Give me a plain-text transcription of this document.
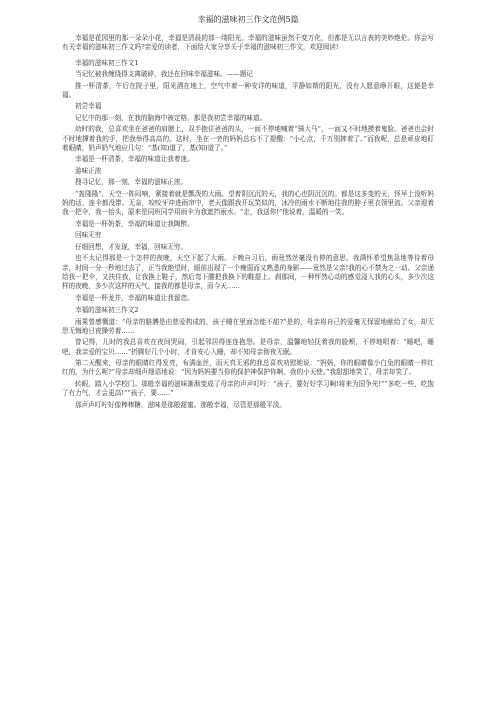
幸福的滋味初三作文范例5篇
幸福是花园里的那一朵朵小花，幸福是清晨的那一缕阳光。幸福的滋味虽然千变万化，但都是无以言表的美妙绝伦。你会写有关幸福的滋味初三作文吗?亲爱的读者，下面给大家分享关于幸福的滋味初三作文，欢迎阅读!
幸福的滋味初三作文1
当记忆被我缠绕得支离破碎，我还在回味幸福滋味。——题记
推一杯清茶，午后在院子里，阳光洒在地上，空气中着一种安详的味道，平静如斯的阳光，没有人愿意睁开眼，这便是幸福。
初尝幸福
记忆中的那一刻，在我的脑海中被定格，那是我初尝幸福的味道。
幼时的我，总喜欢坐在爸爸的肩膀上，双手抱住爸爸的头，一面不停地喊着“骑大马”，一面又不时地摸着鬼脸。爸爸也会时不时地撑着我的手，把我举得高高的。这时，坐在一旁的妈妈总忘不了提醒：“小心点，千万别摔着了。”而我呢，总是顽皮地盯着眼睛，奶声奶气地应几句：“基(知)道了，基(知)道了。”
幸福是一杯清茶，幸福的味道让我着迷。
游味正浓
搜寻记忆，那一刻，幸福的滋味正浓。
“轰隆隆”，天空一阵闷响，紧接着就是瓢泼的大雨。望着阴沉沉的天，我的心也阴沉沉的。都是这多变的天，怪早上没听妈妈的话，连伞都没带。无奈，咬咬牙冲进雨帘中，老天像跟我开玩笑似的，冰冷的雨水不断地往我的脖子里衣领里流。父亲迎着我一把伞，我一抬头，原来是同班同学用雨伞为我遮挡雨水。“走，我送你!”他说着，温暖的一笑。
幸福是一杯奶茶，幸福的味道让我陶醉。
回味无穷
仔细回想，才发现，幸福，回味无穷。
也不太记得那是一个怎样的夜晚，天空下起了大雨。下晚自习后，雨竟然丝毫没有停的意思。我满怀希望焦急地等待着母亲，时间一分一秒地过去了，正当我绝望时，眼前出现了一个瘦弱而又熟悉的身影——竟然是父亲!我的心不禁为之一动。父亲递给我一把伞，又扶住我，让我换上鞋子，然后弯下腰把我换下的鞋提上。刹那间，一种怦然心动的感觉浸入我的心头，多少次这样的夜晚，多少次这样的天气，接我的都是母亲，而今天……
幸福是一杯龙井，幸福的味道让我留恋。
幸福的滋味初三作文2
雨果曾感慨道：“母亲的胳膊是由慈爱构成的，孩子睡在里面怎能不甜?”是的，母亲将自己的爱毫无保留地献给了女，却无怨无悔地日夜操劳着……
曾记得，儿时的我总喜欢在夜间哭闹，引起邻居得连连抱怨。是母亲，温馨地轻抚着我的脸颊，不停地唱着：“睡吧，睡吧，我亲爱的宝贝……”折腾好几个小时，才肯安心入睡，却不知母亲彻夜无眠。
第二天醒来，母亲的眼睛红得发亮，布满血丝，而天真无邪的我总喜欢劝慰她说：“妈妈，你的眼睛像小白兔的眼睛一样红红的，为什么呢?”母亲却细声细语地说：“因为妈妈要当你的保护神保护你啊，我的小天使。”我甜甜地笑了，母亲却笑了。
转眼，踏入小学校门。那般幸福的滋味渐渐变成了母亲的声声叮咛：“孩子，要好好学习啊!将来为国争光!”“多吃一些，吃饱了有力气，才会更高!”“孩子，要……”
那声声叮咛好像棒棒糖，滋味是那般甜蜜。那般幸福，尽管是那般平淡。
